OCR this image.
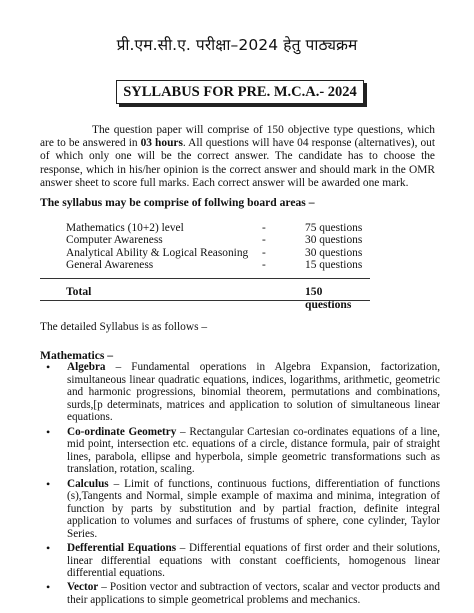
प्री.एम.सी.ए. परीक्षा–2024 हेतु पाठ्यक्रम
SYLLABUS FOR PRE. M.C.A.- 2024
The question paper will comprise of 150 objective type questions, which are to be answered in 03 hours. All questions will have 04 response (alternatives), out of which only one will be the correct answer. The candidate has to choose the response, which in his/her opinion is the correct answer and should mark in the OMR answer sheet to score full marks. Each correct answer will be awarded one mark.
The syllabus may be comprise of follwing board areas –
Mathematics (10+2) level	-	75 questions
Computer Awareness	-	30 questions
Analytical Ability & Logical Reasoning -	30 questions
General Awareness	-	15 questions
Total	150 questions
The detailed Syllabus is as follows –
Mathematics –
• Algebra – Fundamental operations in Algebra Expansion, factorization, simultaneous linear quadratic equations, indices, logarithms, arithmetic, geometric and harmonic progressions, binomial theorem, permutations and combinations, surds,[p determinats, matrices and application to solution of simultaneous linear equations.
• Co-ordinate Geometry – Rectangular Cartesian co-ordinates equations of a line, mid point, intersection etc. equations of a circle, distance formula, pair of straight lines, parabola, ellipse and hyperbola, simple geometric transformations such as translation, rotation, scaling.
• Calculus – Limit of functions, continuous fuctions, differentiation of functions (s),Tangents and Normal, simple example of maxima and minima, integration of function by parts by substitution and by partial fraction, definite integral application to volumes and surfaces of frustums of sphere, cone cylinder, Taylor Series.
• Defferential Equations – Differential equations of first order and their solutions, linear differential equations with constant coefficients, homogenous linear differential equations.
• Vector – Position vector and subtraction of vectors, scalar and vector products and their applications to simple geometrical problems and mechanics.
